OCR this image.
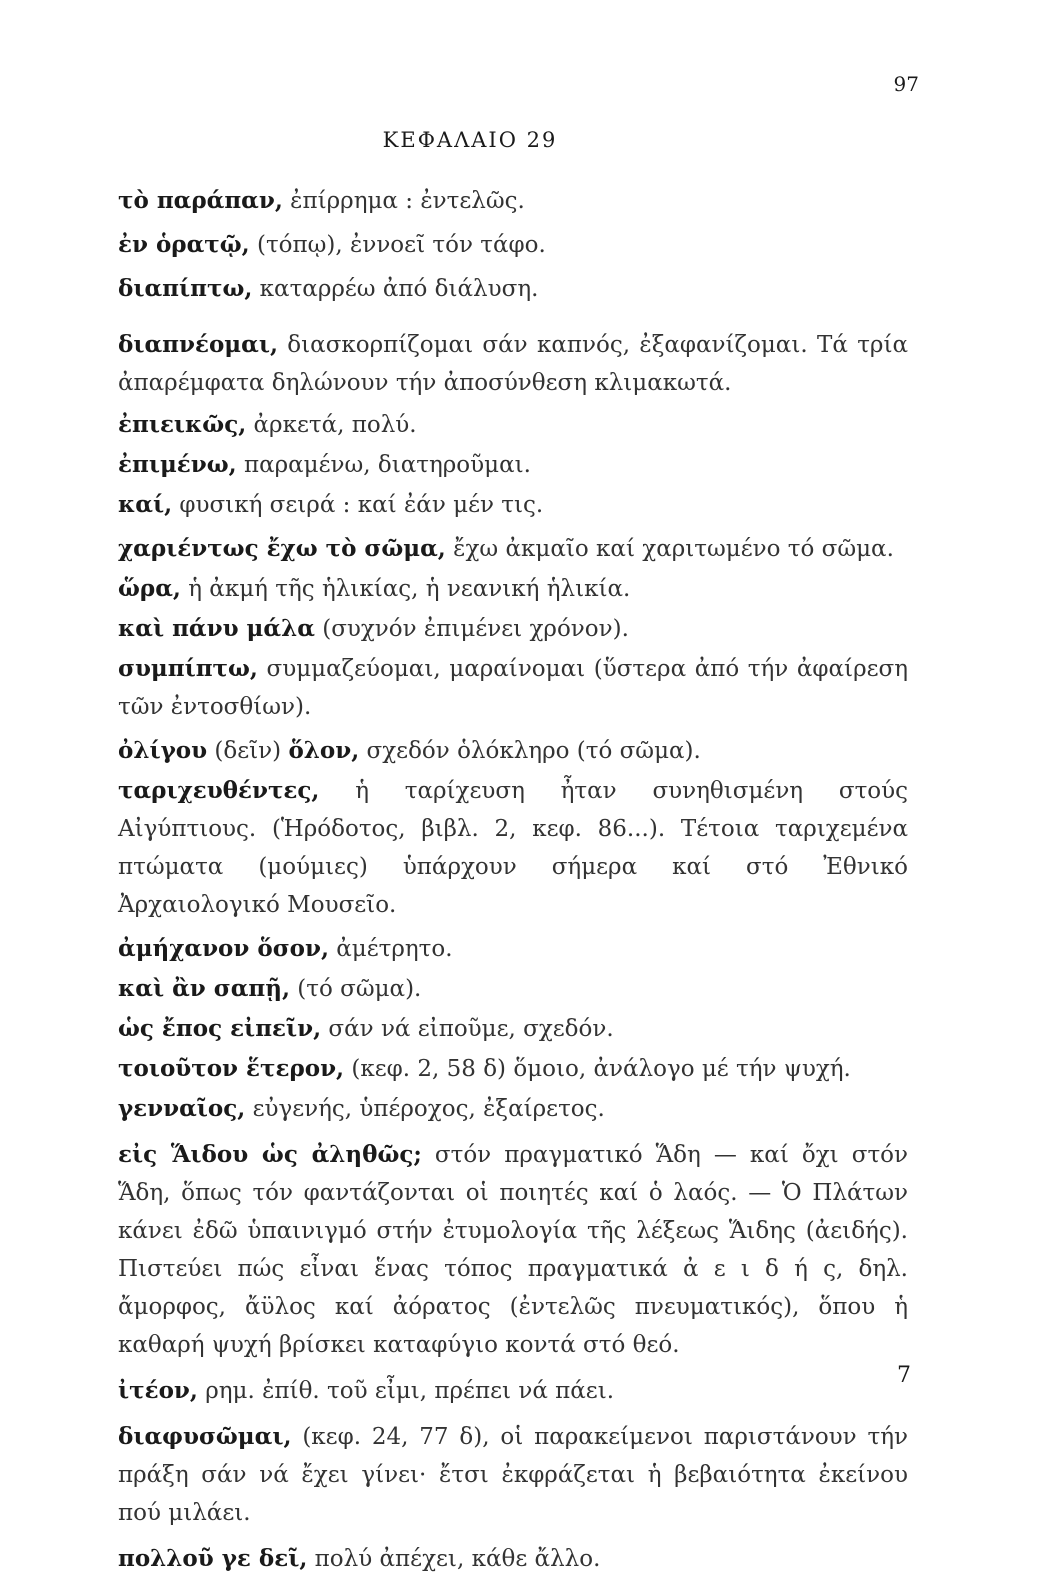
97
ΚΕΦΑΛΑΙΟ 29

τὸ παράπαν, ἐπίρρημα : ἐντελῶς.

ἐν ὁρατῷ, (τόπῳ), ἐννοεῖ τόν τάφο.

διαπίπτω, καταρρέω ἀπό διάλυση.

διαπνέομαι, διασκορπίζομαι σάν καπνός, ἐξαφανίζομαι. Τά τρία ἀπαρέμφατα δηλώνουν τήν ἀποσύνθεση κλιμακωτά.

ἐπιεικῶς, ἀρκετά, πολύ.

ἐπιμένω, παραμένω, διατηροῦμαι.

καί, φυσική σειρά : καί ἐάν μέν τις.

χαριέντως ἔχω τὸ σῶμα, ἔχω ἀκμαῖο καί χαριτωμένο τό σῶμα.

ὥρα, ἡ ἀκμή τῆς ἡλικίας, ἡ νεανική ἡλικία.

καὶ πάνυ μάλα (συχνόν ἐπιμένει χρόνον).

συμπίπτω, συμμαζεύομαι, μαραίνομαι (ὕστερα ἀπό τήν ἀφαίρεση τῶν ἐντοσθίων).

ὀλίγου (δεῖν) ὅλον, σχεδόν ὁλόκληρο (τό σῶμα).

ταριχευθέντες, ἡ ταρίχευση ἦταν συνηθισμένη στούς Αἰγύπτιους. (Ἡρόδοτος, βιβλ. 2, κεφ. 86...). Τέτοια ταριχεμένα πτώματα (μούμιες) ὑπάρχουν σήμερα καί στό Ἐθνικό Ἀρχαιολογικό Μουσεῖο.

ἀμήχανον ὅσον, ἀμέτρητο.

καὶ ἂν σαπῇ, (τό σῶμα).

ὡς ἔπος εἰπεῖν, σάν νά εἰποῦμε, σχεδόν.

τοιοῦτον ἕτερον, (κεφ. 2, 58 δ) ὅμοιο, ἀνάλογο μέ τήν ψυχή.

γενναῖος, εὐγενής, ὑπέροχος, ἐξαίρετος.

εἰς Ἅιδου ὡς ἀληθῶς; στόν πραγματικό Ἅδη — καί ὄχι στόν Ἅδη, ὅπως τόν φαντάζονται οἱ ποιητές καί ὁ λαός. — Ὁ Πλάτων κάνει ἐδῶ ὑπαινιγμό στήν ἐτυμολογία τῆς λέξεως Ἅιδης (ἀειδής). Πιστεύει πώς εἶναι ἕνας τόπος πραγματικά ἀ ε ι δ ή ς, δηλ. ἄμορφος, ἄϋλος καί ἀόρατος (ἐντελῶς πνευματικός), ὅπου ἡ καθαρή ψυχή βρίσκει καταφύγιο κοντά στό θεό.

ἰτέον, ρημ. ἐπίθ. τοῦ εἶμι, πρέπει νά πάει.

διαφυσῶμαι, (κεφ. 24, 77 δ), οἱ παρακείμενοι παριστάνουν τήν πράξη σάν νά ἔχει γίνει· ἔτσι ἐκφράζεται ἡ βεβαιότητα ἐκείνου πού μιλάει.

πολλοῦ γε δεῖ, πολύ ἀπέχει, κάθε ἄλλο.

7
